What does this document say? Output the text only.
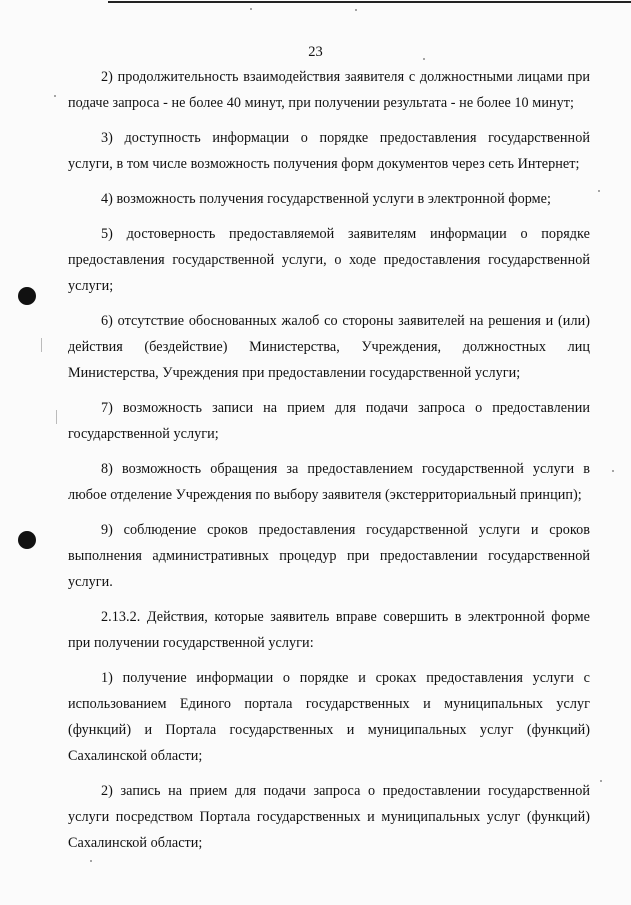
23

2) продолжительность взаимодействия заявителя с должностными лицами при подаче запроса - не более 40 минут, при получении результата - не более 10 минут;

3) доступность информации о порядке предоставления государственной услуги, в том числе возможность получения форм документов через сеть Интернет;

4) возможность получения государственной услуги в электронной форме;

5) достоверность предоставляемой заявителям информации о порядке предоставления государственной услуги, о ходе предоставления государственной услуги;

6) отсутствие обоснованных жалоб со стороны заявителей на решения и (или) действия (бездействие) Министерства, Учреждения, должностных лиц Министерства, Учреждения при предоставлении государственной услуги;

7) возможность записи на прием для подачи запроса о предоставлении государственной услуги;

8) возможность обращения за предоставлением государственной услуги в любое отделение Учреждения по выбору заявителя (экстерриториальный принцип);

9) соблюдение сроков предоставления государственной услуги и сроков выполнения административных процедур при предоставлении государственной услуги.

2.13.2. Действия, которые заявитель вправе совершить в электронной форме при получении государственной услуги:

1) получение информации о порядке и сроках предоставления услуги с использованием Единого портала государственных и муниципальных услуг (функций) и Портала государственных и муниципальных услуг (функций) Сахалинской области;

2) запись на прием для подачи запроса о предоставлении государственной услуги посредством Портала государственных и муниципальных услуг (функций) Сахалинской области;
